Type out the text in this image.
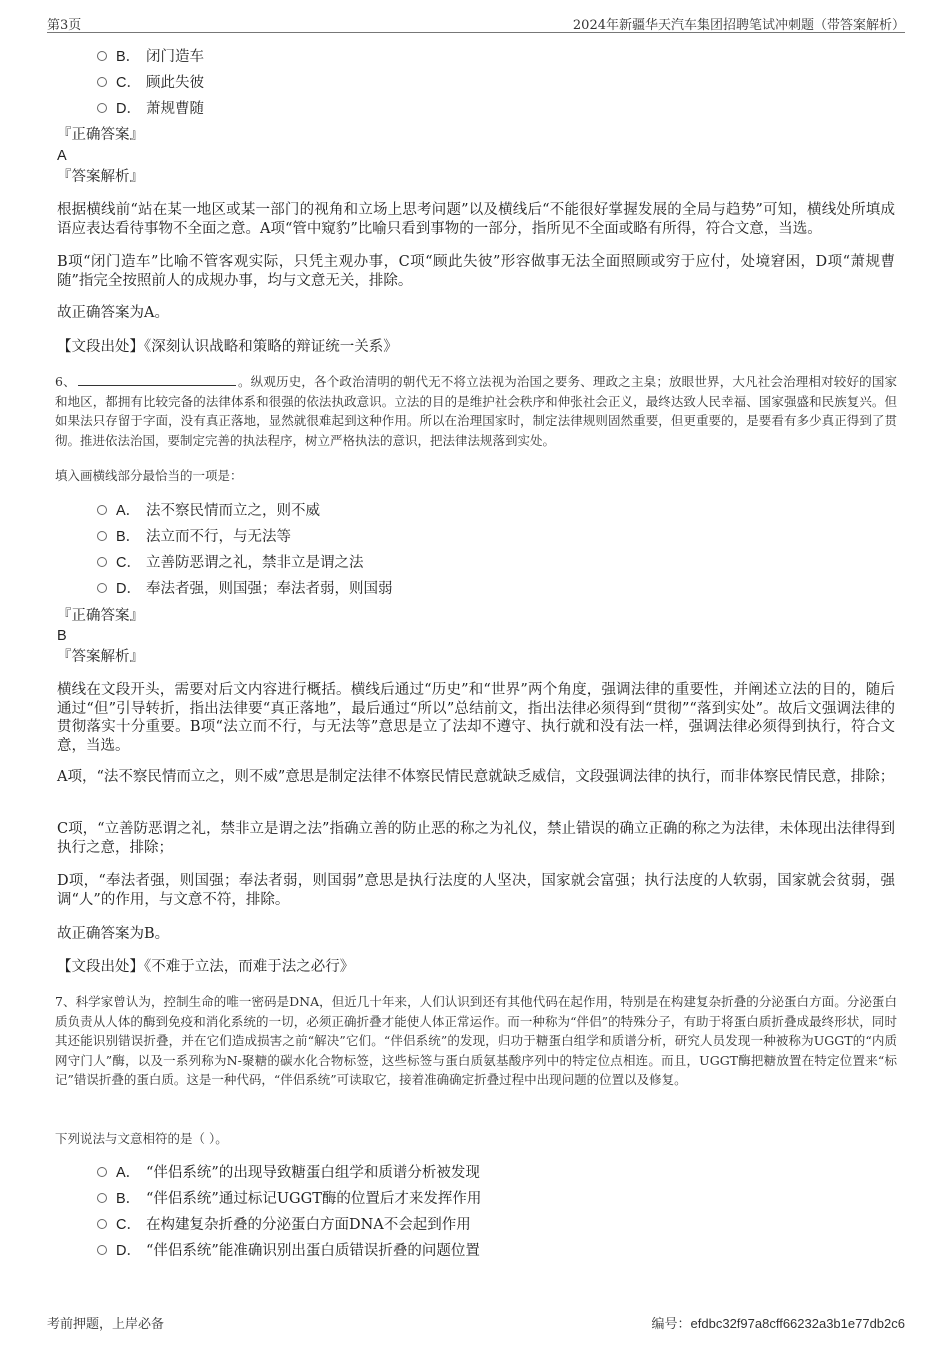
第3页	2024年新疆华天汽车集团招聘笔试冲刺题（带答案解析）
B． 闭门造车
C． 顾此失彼
D． 萧规曹随
『正确答案』
A
『答案解析』
根据横线前“站在某一地区或某一部门的视角和立场上思考问题”以及横线后“不能很好掌握发展的全局与趋势”可知，横线处所填成语应表达看待事物不全面之意。A项“管中窥豹”比喻只看到事物的一部分，指所见不全面或略有所得，符合文意，当选。
B项“闭门造车”比喻不管客观实际，只凭主观办事，C项“顾此失彼”形容做事无法全面照顾或穷于应付，处境窘困，D项“萧规曹随”指完全按照前人的成规办事，均与文意无关，排除。
故正确答案为A。
【文段出处】《深刻认识战略和策略的辩证统一关系》
6、	。纵观历史，各个政治清明的朝代无不将立法视为治国之要务、理政之主臬；放眼世界，大凡社会治理相对较好的国家和地区，都拥有比较完备的法律体系和很强的依法执政意识。立法的目的是维护社会秩序和伸张社会正义，最终达致人民幸福、国家强盛和民族复兴。但如果法只存留于字面，没有真正落地，显然就很难起到这种作用。所以在治理国家时，制定法律规则固然重要，但更重要的，是要看有多少真正得到了贯彻。推进依法治国，要制定完善的执法程序，树立严格执法的意识，把法律法规落到实处。
填入画横线部分最恰当的一项是：
A． 法不察民情而立之，则不威
B． 法立而不行，与无法等
C． 立善防恶谓之礼，禁非立是谓之法
D． 奉法者强，则国强；奉法者弱，则国弱
『正确答案』
B
『答案解析』
横线在文段开头，需要对后文内容进行概括。横线后通过“历史”和“世界”两个角度，强调法律的重要性，并阐述立法的目的，随后通过“但”引导转折，指出法律要“真正落地”，最后通过“所以”总结前文，指出法律必须得到“贯彻”“落到实处”。故后文强调法律的贯彻落实十分重要。B项“法立而不行，与无法等”意思是立了法却不遵守、执行就和没有法一样，强调法律必须得到执行，符合文意，当选。
A项，“法不察民情而立之，则不威”意思是制定法律不体察民情民意就缺乏威信，文段强调法律的执行，而非体察民情民意，排除；
C项，“立善防恶谓之礼，禁非立是谓之法”指确立善的防止恶的称之为礼仪，禁止错误的确立正确的称之为法律，未体现出法律得到执行之意，排除；
D项，“奉法者强，则国强；奉法者弱，则国弱”意思是执行法度的人坚决，国家就会富强；执行法度的人软弱，国家就会贫弱，强调“人”的作用，与文意不符，排除。
故正确答案为B。
【文段出处】《不难于立法，而难于法之必行》
7、科学家曾认为，控制生命的唯一密码是DNA，但近几十年来，人们认识到还有其他代码在起作用，特别是在构建复杂折叠的分泌蛋白方面。分泌蛋白质负责从人体的酶到免疫和消化系统的一切，必须正确折叠才能使人体正常运作。而一种称为“伴侣”的特殊分子，有助于将蛋白质折叠成最终形状，同时其还能识别错误折叠，并在它们造成损害之前“解决”它们。“伴侣系统”的发现，归功于糖蛋白组学和质谱分析，研究人员发现一种被称为UGGT的“内质网守门人”酶，以及一系列称为N-聚糖的碳水化合物标签，这些标签与蛋白质氨基酸序列中的特定位点相连。而且，UGGT酶把糖放置在特定位置来“标记”错误折叠的蛋白质。这是一种代码，“伴侣系统”可读取它，接着准确确定折叠过程中出现问题的位置以及修复。
下列说法与文意相符的是（ ）。
A． “伴侣系统”的出现导致糖蛋白组学和质谱分析被发现
B． “伴侣系统”通过标记UGGT酶的位置后才来发挥作用
C． 在构建复杂折叠的分泌蛋白方面DNA不会起到作用
D． “伴侣系统”能准确识别出蛋白质错误折叠的问题位置
考前押题，上岸必备	编号：efdbc32f97a8cff66232a3b1e77db2c6
